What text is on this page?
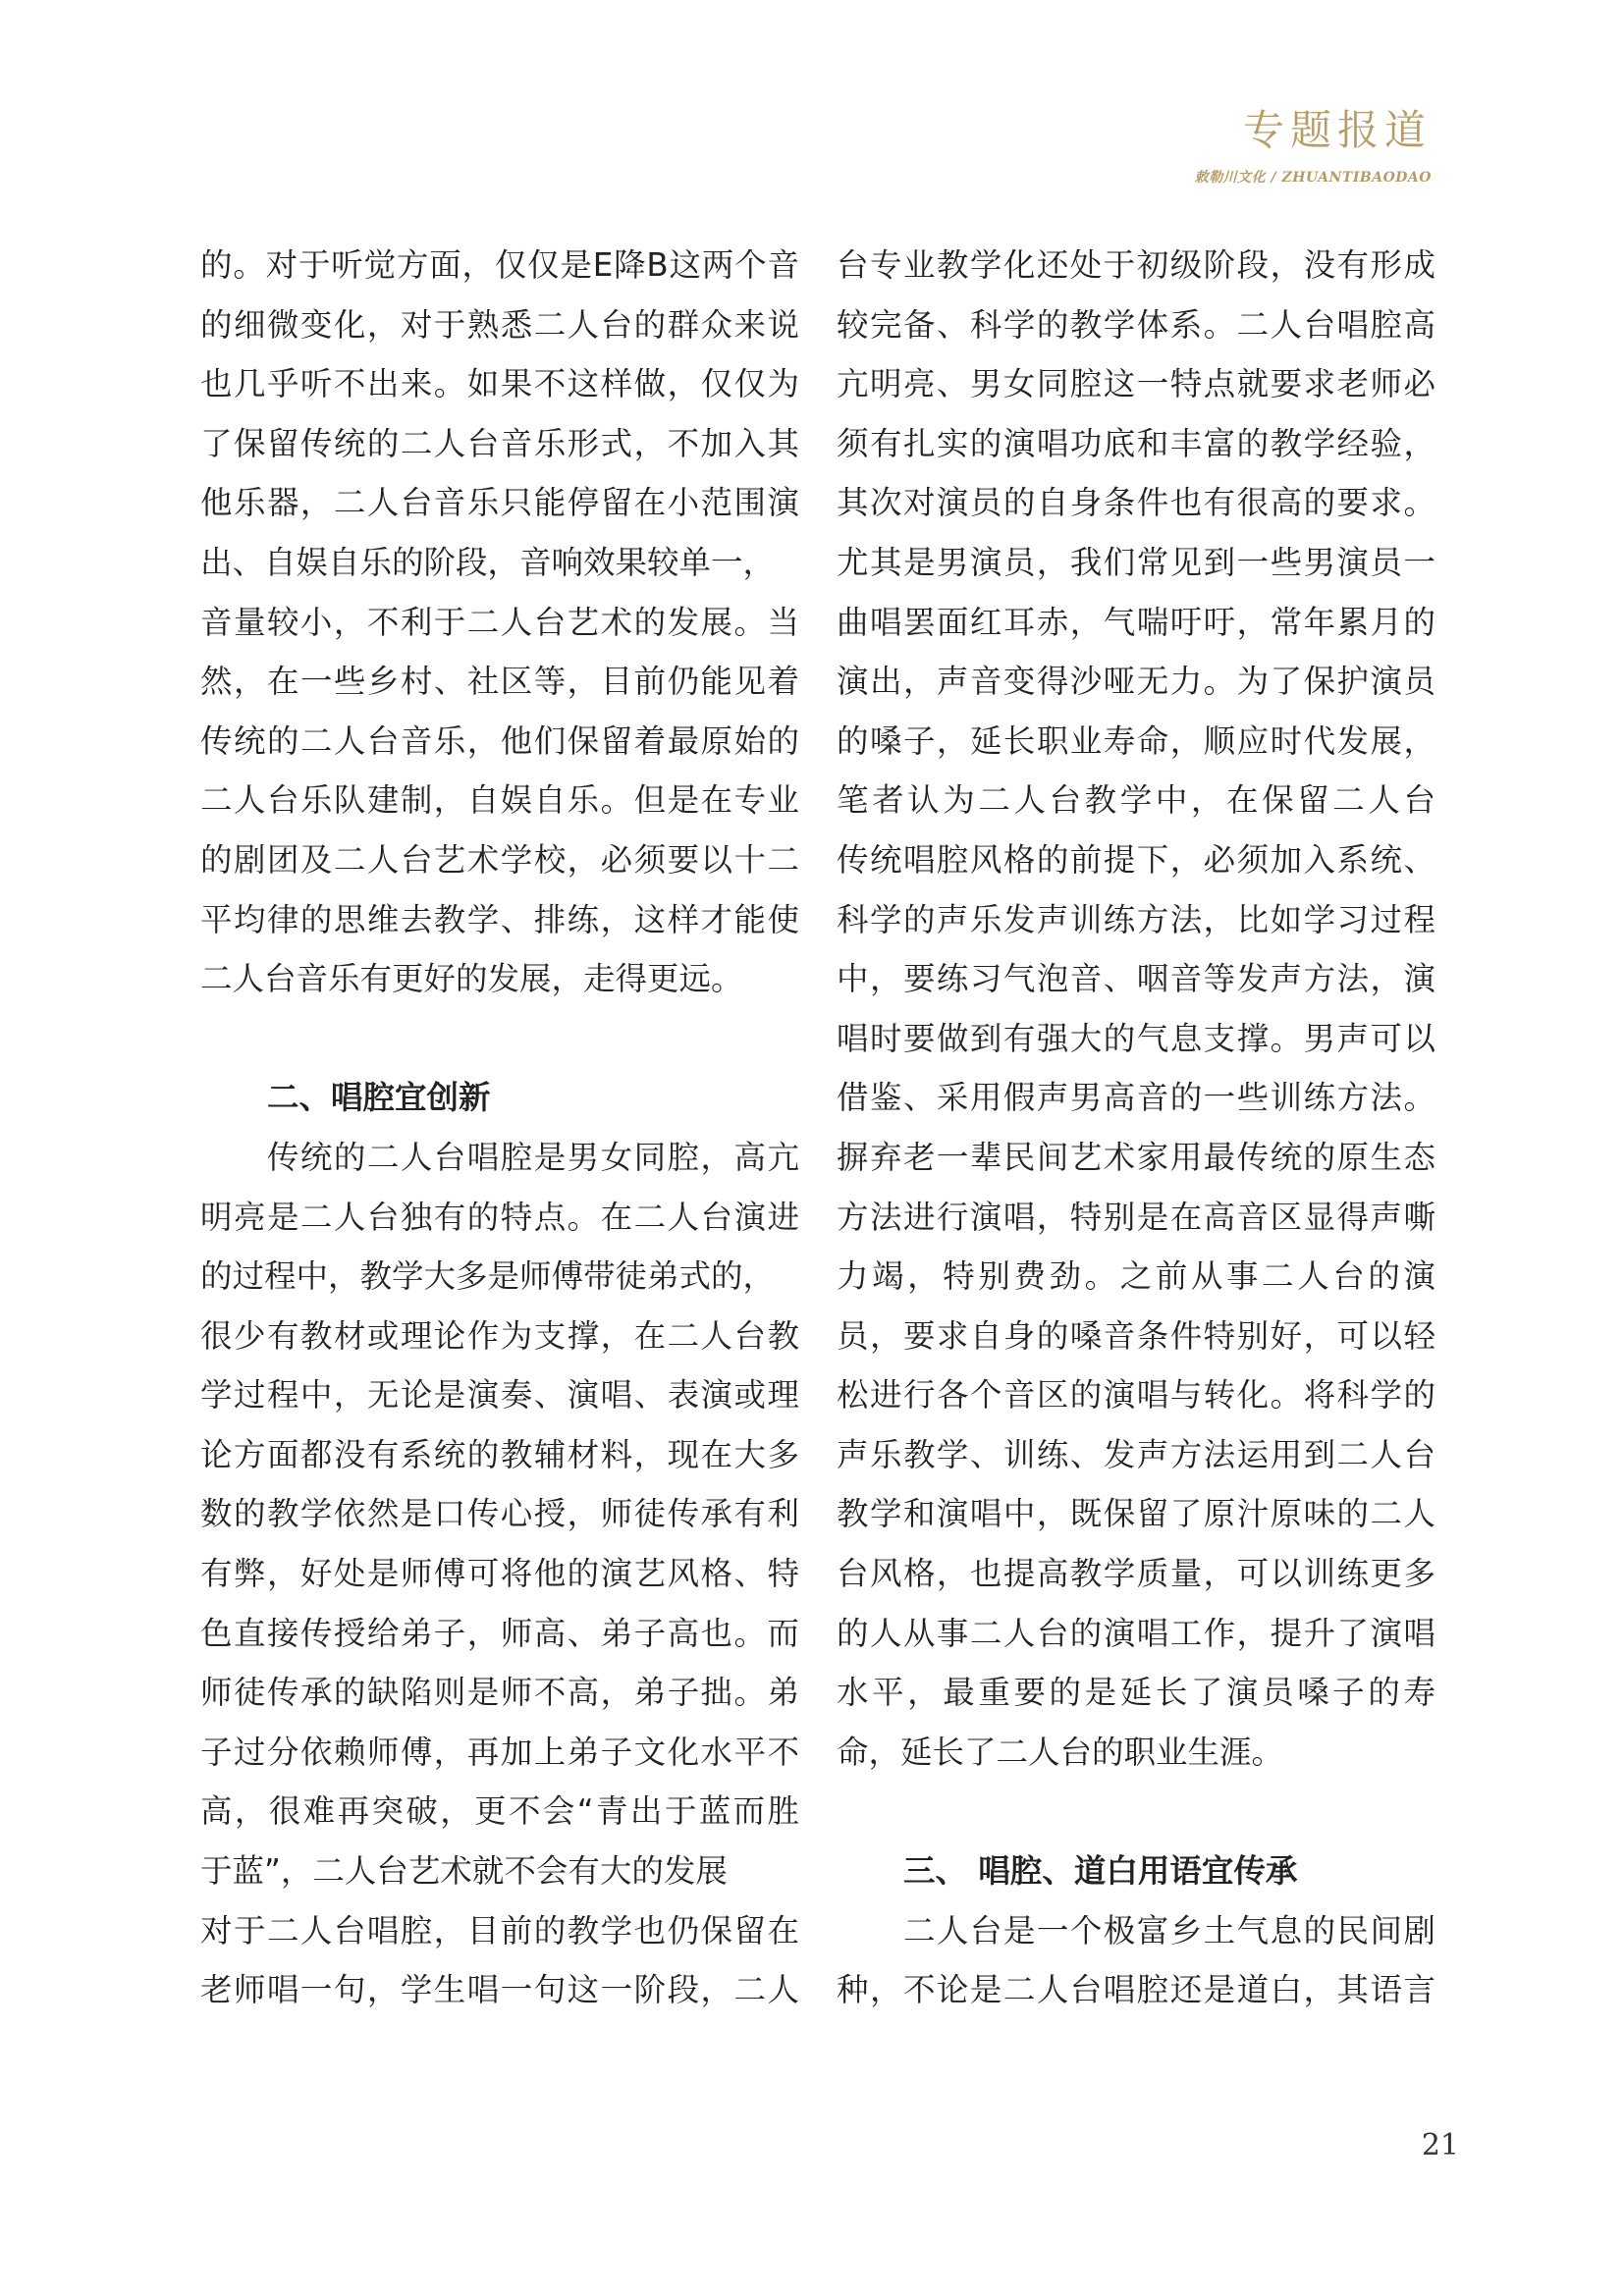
专题报道
敕勒川文化 / ZHUANTIBAODAO
的。对于听觉方面，仅仅是E降B这两个音
的细微变化，对于熟悉二人台的群众来说
也几乎听不出来。如果不这样做，仅仅为
了保留传统的二人台音乐形式，不加入其
他乐器，二人台音乐只能停留在小范围演
出、自娱自乐的阶段，音响效果较单一，
音量较小，不利于二人台艺术的发展。当
然，在一些乡村、社区等，目前仍能见着
传统的二人台音乐，他们保留着最原始的
二人台乐队建制，自娱自乐。但是在专业
的剧团及二人台艺术学校，必须要以十二
平均律的思维去教学、排练，这样才能使
二人台音乐有更好的发展，走得更远。
二、唱腔宜创新
　　传统的二人台唱腔是男女同腔，高亢
明亮是二人台独有的特点。在二人台演进
的过程中，教学大多是师傅带徒弟式的，
很少有教材或理论作为支撑，在二人台教
学过程中，无论是演奏、演唱、表演或理
论方面都没有系统的教辅材料，现在大多
数的教学依然是口传心授，师徒传承有利
有弊，好处是师傅可将他的演艺风格、特
色直接传授给弟子，师高、弟子高也。而
师徒传承的缺陷则是师不高，弟子拙。弟
子过分依赖师傅，再加上弟子文化水平不
高，很难再突破，更不会“青出于蓝而胜
于蓝”，二人台艺术就不会有大的发展
对于二人台唱腔，目前的教学也仍保留在
老师唱一句，学生唱一句这一阶段，二人
台专业教学化还处于初级阶段，没有形成
较完备、科学的教学体系。二人台唱腔高
亢明亮、男女同腔这一特点就要求老师必
须有扎实的演唱功底和丰富的教学经验，
其次对演员的自身条件也有很高的要求。
尤其是男演员，我们常见到一些男演员一
曲唱罢面红耳赤，气喘吁吁，常年累月的
演出，声音变得沙哑无力。为了保护演员
的嗓子，延长职业寿命，顺应时代发展，
笔者认为二人台教学中，在保留二人台
传统唱腔风格的前提下，必须加入系统、
科学的声乐发声训练方法，比如学习过程
中，要练习气泡音、咽音等发声方法，演
唱时要做到有强大的气息支撑。男声可以
借鉴、采用假声男高音的一些训练方法。
摒弃老一辈民间艺术家用最传统的原生态
方法进行演唱，特别是在高音区显得声嘶
力竭，特别费劲。之前从事二人台的演
员，要求自身的嗓音条件特别好，可以轻
松进行各个音区的演唱与转化。将科学的
声乐教学、训练、发声方法运用到二人台
教学和演唱中，既保留了原汁原味的二人
台风格，也提高教学质量，可以训练更多
的人从事二人台的演唱工作，提升了演唱
水平，最重要的是延长了演员嗓子的寿
命，延长了二人台的职业生涯。
三、 唱腔、道白用语宜传承
　　二人台是一个极富乡土气息的民间剧
种，不论是二人台唱腔还是道白，其语言
21
